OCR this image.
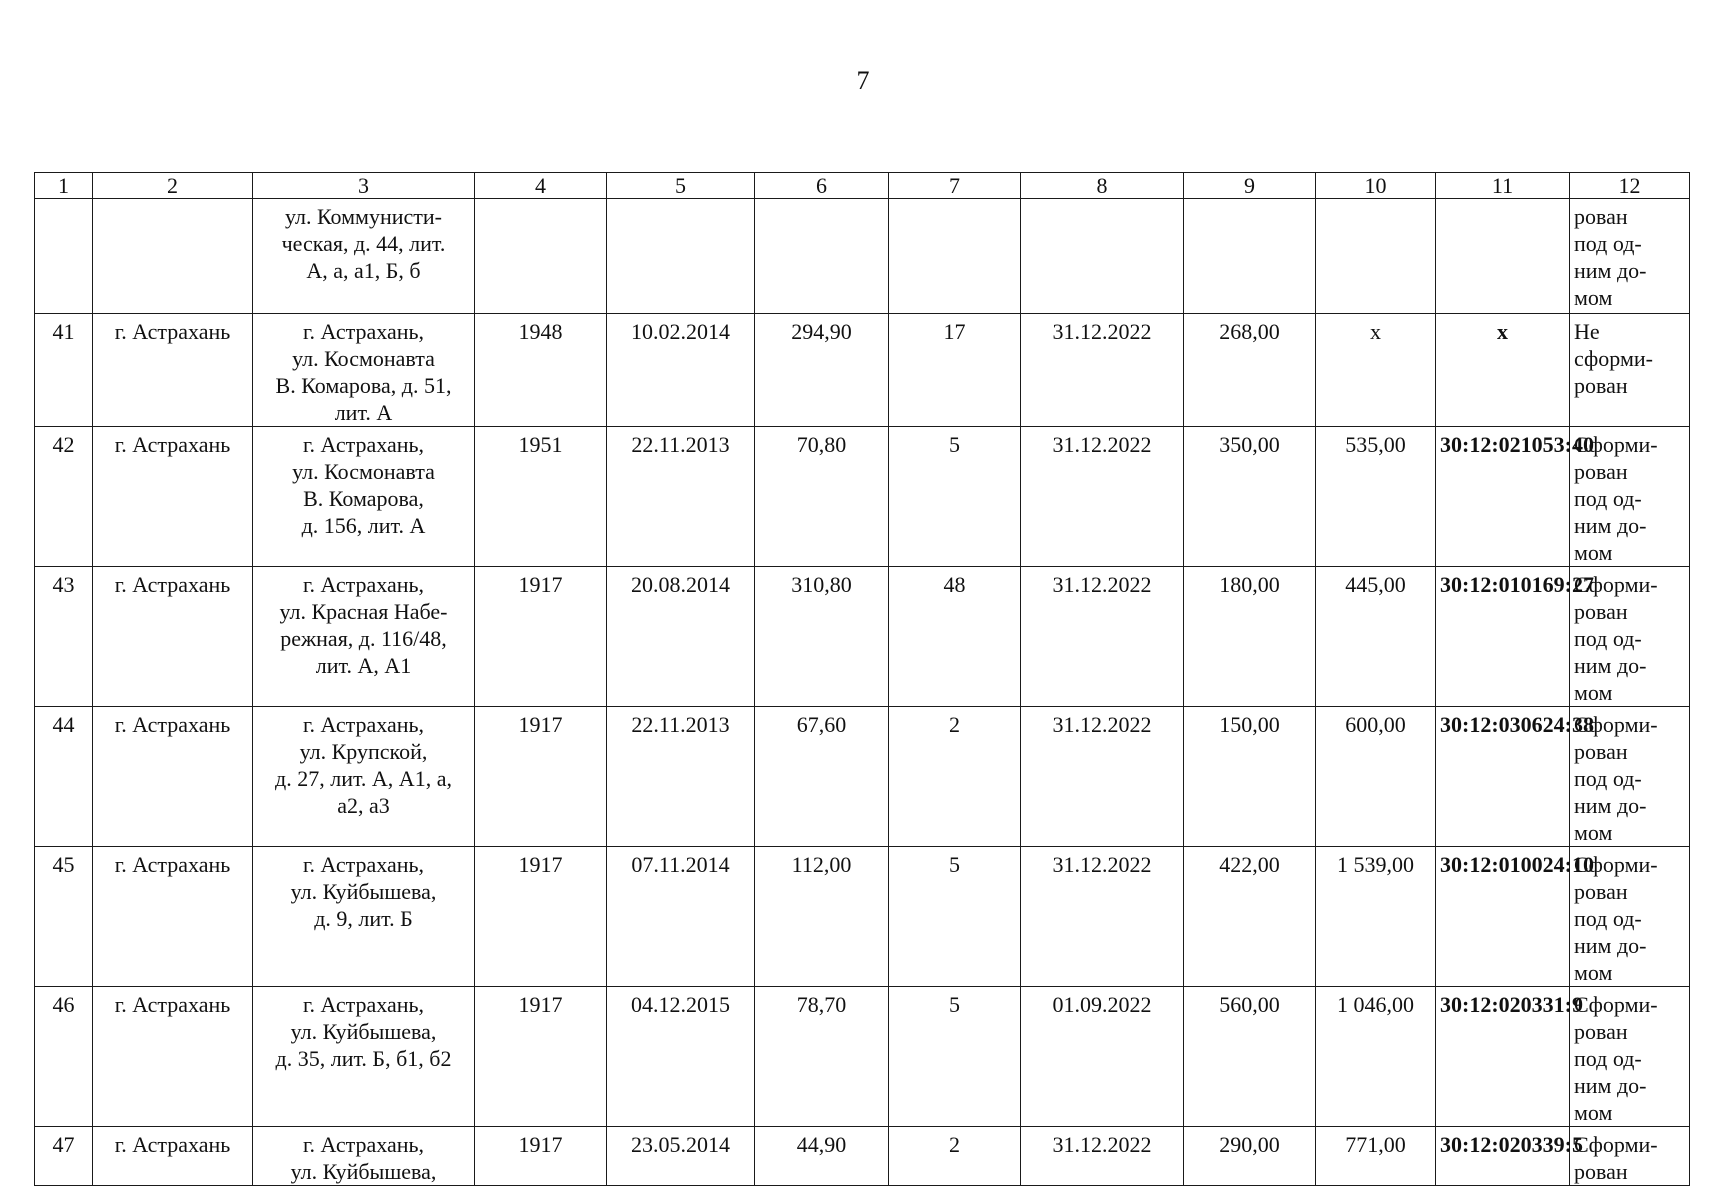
7
1	2	3	4	5	6	7	8	9	10	11	12
		ул. Коммунисти-
ческая, д. 44, лит.
А, а, а1, Б, б									рован
под од-
ним до-
мом
41	г. Астрахань	г. Астрахань,
ул. Космонавта
В. Комарова, д. 51,
лит. А	1948	10.02.2014	294,90	17	31.12.2022	268,00	х	х	Не
сформи-
рован
42	г. Астрахань	г. Астрахань,
ул. Космонавта
В. Комарова,
д. 156, лит. А	1951	22.11.2013	70,80	5	31.12.2022	350,00	535,00	30:12:021053:40	Сформи-
рован
под од-
ним до-
мом
43	г. Астрахань	г. Астрахань,
ул. Красная Набе-
режная, д. 116/48,
лит. А, А1	1917	20.08.2014	310,80	48	31.12.2022	180,00	445,00	30:12:010169:27	Сформи-
рован
под од-
ним до-
мом
44	г. Астрахань	г. Астрахань,
ул. Крупской,
д. 27, лит. А, А1, а,
а2, а3	1917	22.11.2013	67,60	2	31.12.2022	150,00	600,00	30:12:030624:38	Сформи-
рован
под од-
ним до-
мом
45	г. Астрахань	г. Астрахань,
ул. Куйбышева,
д. 9, лит. Б	1917	07.11.2014	112,00	5	31.12.2022	422,00	1 539,00	30:12:010024:10	Сформи-
рован
под од-
ним до-
мом
46	г. Астрахань	г. Астрахань,
ул. Куйбышева,
д. 35, лит. Б, б1, б2	1917	04.12.2015	78,70	5	01.09.2022	560,00	1 046,00	30:12:020331:9	Сформи-
рован
под од-
ним до-
мом
47	г. Астрахань	г. Астрахань,
ул. Куйбышева,	1917	23.05.2014	44,90	2	31.12.2022	290,00	771,00	30:12:020339:5	Сформи-
рован
